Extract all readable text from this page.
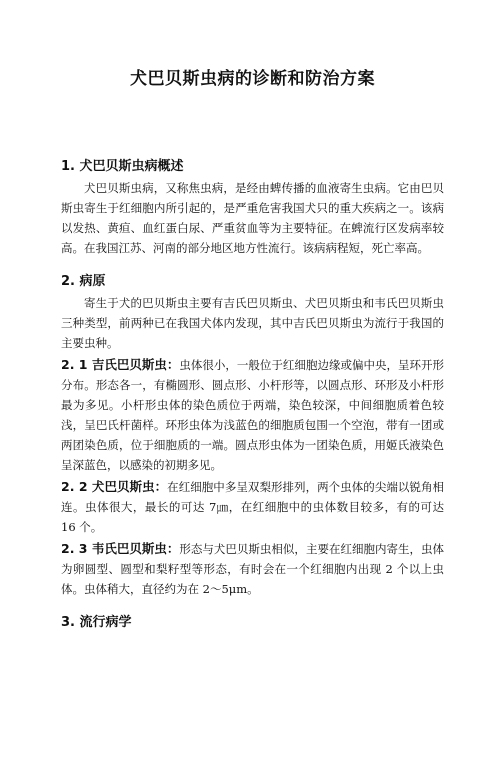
犬巴贝斯虫病的诊断和防治方案
1. 犬巴贝斯虫病概述

犬巴贝斯虫病，又称焦虫病，是经由蜱传播的血液寄生虫病。它由巴贝斯虫寄生于红细胞内所引起的，是严重危害我国犬只的重大疾病之一。该病以发热、黄疸、血红蛋白尿、严重贫血等为主要特征。在蜱流行区发病率较高。在我国江苏、河南的部分地区地方性流行。该病病程短，死亡率高。

2. 病原

寄生于犬的巴贝斯虫主要有吉氏巴贝斯虫、犬巴贝斯虫和韦氏巴贝斯虫三种类型，前两种已在我国犬体内发现，其中吉氏巴贝斯虫为流行于我国的主要虫种。

2. 1 吉氏巴贝斯虫：虫体很小，一般位于红细胞边缘或偏中央，呈环开形分布。形态各一，有椭圆形、圆点形、小杆形等，以圆点形、环形及小杆形最为多见。小杆形虫体的染色质位于两端，染色较深，中间细胞质着色较浅，呈巴氏杆菌样。环形虫体为浅蓝色的细胞质包围一个空泡，带有一团或两团染色质，位于细胞质的一端。圆点形虫体为一团染色质，用姬氏液染色呈深蓝色，以感染的初期多见。

2. 2 犬巴贝斯虫：在红细胞中多呈双梨形排列，两个虫体的尖端以锐角相连。虫体很大，最长的可达 7㎛，在红细胞中的虫体数目较多，有的可达 16 个。

2. 3 韦氏巴贝斯虫：形态与犬巴贝斯虫相似，主要在红细胞内寄生，虫体为卵圆型、圆型和梨籽型等形态，有时会在一个红细胞内出现 2 个以上虫体。虫体稍大，直径约为在 2～5μm。

3. 流行病学
